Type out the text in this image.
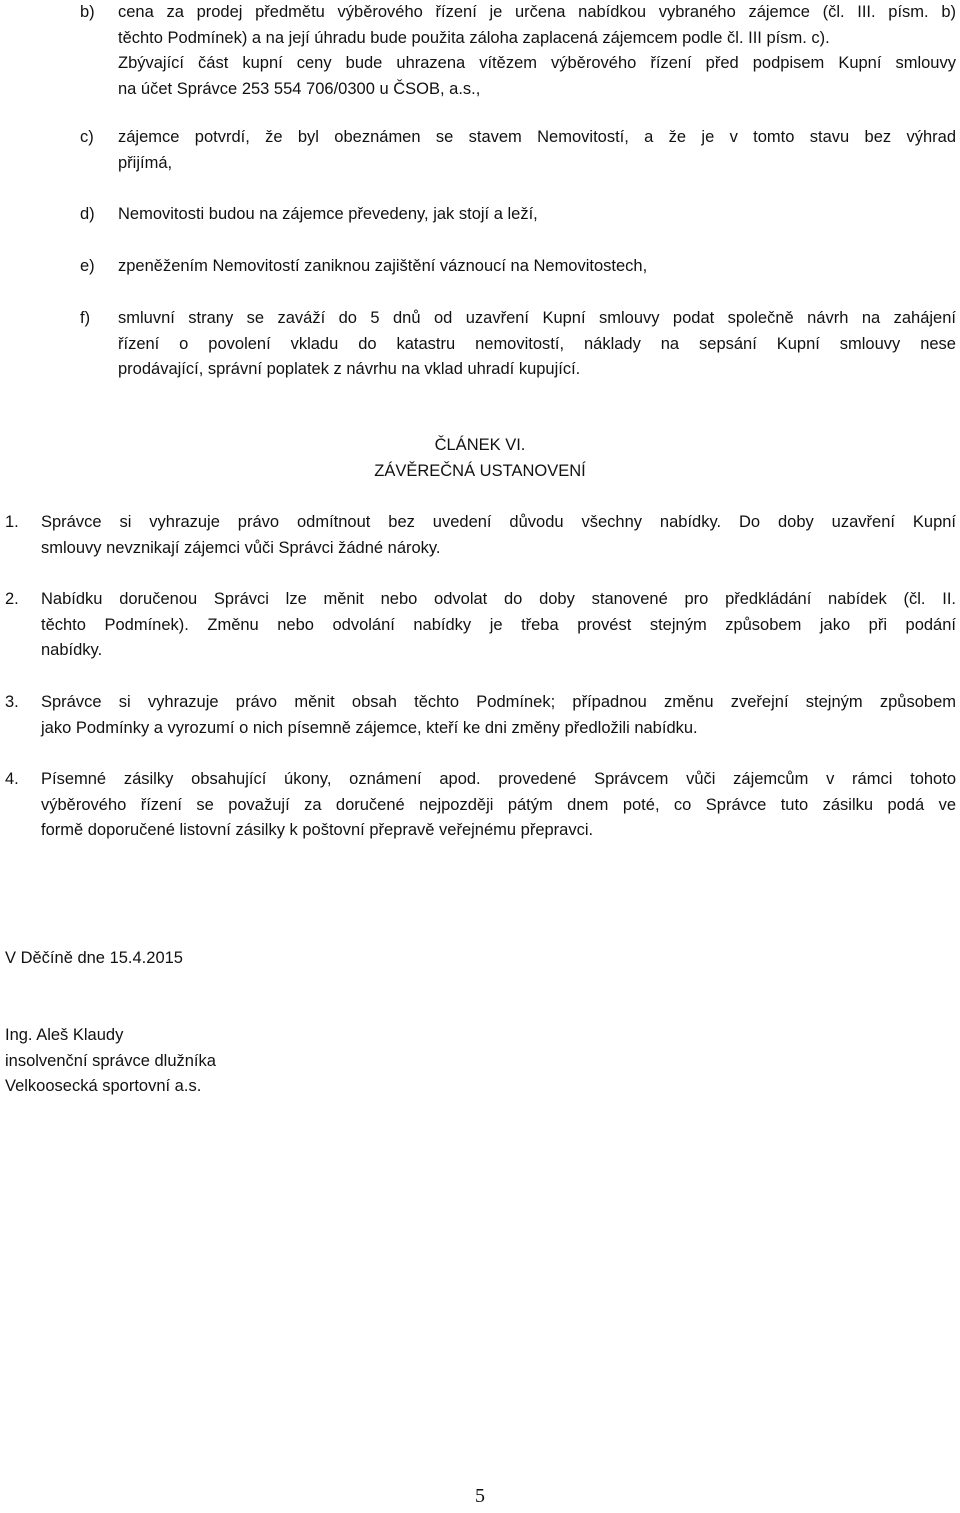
b) cena za prodej předmětu výběrového řízení je určena nabídkou vybraného zájemce (čl. III. písm. b)
těchto Podmínek) a na její úhradu bude použita záloha zaplacená zájemcem podle čl. III písm. c).
Zbývající část kupní ceny bude uhrazena vítězem výběrového řízení před podpisem Kupní smlouvy
na účet Správce 253 554 706/0300 u ČSOB, a.s.,
c) zájemce potvrdí, že byl obeznámen se stavem Nemovitostí, a že je v tomto stavu bez výhrad
přijímá,
d) Nemovitosti budou na zájemce převedeny, jak stojí a leží,
e) zpeněžením Nemovitostí zaniknou zajištění váznoucí na Nemovitostech,
f) smluvní strany se zaváží do 5 dnů od uzavření Kupní smlouvy podat společně návrh na zahájení
řízení o povolení vkladu do katastru nemovitostí, náklady na sepsání Kupní smlouvy nese
prodávající, správní poplatek z návrhu na vklad uhradí kupující.
ČLÁNEK VI.
ZÁVĚREČNÁ USTANOVENÍ
1. Správce si vyhrazuje právo odmítnout bez uvedení důvodu všechny nabídky. Do doby uzavření Kupní
smlouvy nevznikají zájemci vůči Správci žádné nároky.
2. Nabídku doručenou Správci lze měnit nebo odvolat do doby stanovené pro předkládání nabídek (čl. II.
těchto Podmínek). Změnu nebo odvolání nabídky je třeba provést stejným způsobem jako při podání
nabídky.
3. Správce si vyhrazuje právo měnit obsah těchto Podmínek; případnou změnu zveřejní stejným způsobem
jako Podmínky a vyrozumí o nich písemně zájemce, kteří ke dni změny předložili nabídku.
4. Písemné zásilky obsahující úkony, oznámení apod. provedené Správcem vůči zájemcům v rámci tohoto
výběrového řízení se považují za doručené nejpozději pátým dnem poté, co Správce tuto zásilku podá ve
formě doporučené listovní zásilky k poštovní přepravě veřejnému přepravci.
V Děčíně dne 15.4.2015
Ing. Aleš Klaudy
insolvenční správce dlužníka
Velkoosecká sportovní a.s.
5
